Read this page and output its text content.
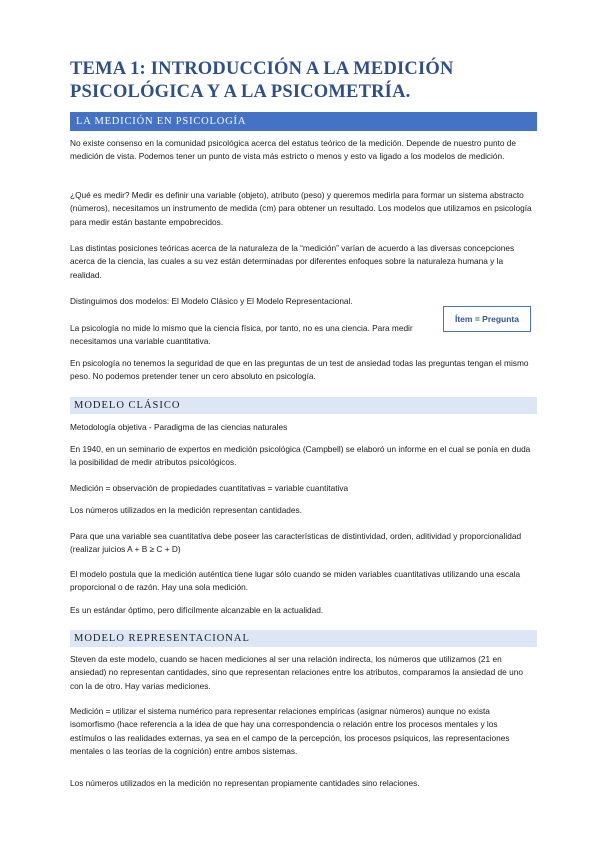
TEMA 1: INTRODUCCIÓN A LA MEDICIÓN
PSICOLÓGICA Y A LA PSICOMETRÍA.
LA MEDICIÓN EN PSICOLOGÍA
No existe consenso en la comunidad psicológica acerca del estatus teórico de la medición. Depende de nuestro punto de medición de vista. Podemos tener un punto de vista más estricto o menos y esto va ligado a los modelos de medición.
¿Qué es medir? Medir es definir una variable (objeto), atributo (peso) y queremos medirla para formar un sistema abstracto (números), necesitamos un instrumento de medida (cm) para obtener un resultado. Los modelos que utilizamos en psicología para medir están bastante empobrecidos.
Las distintas posiciones teóricas acerca de la naturaleza de la “medición” varían de acuerdo a las diversas concepciones acerca de la ciencia, las cuales a su vez están determinadas por diferentes enfoques sobre la naturaleza humana y la realidad.
Distinguimos dos modelos: El Modelo Clásico y El Modelo Representacional.
Ítem = Pregunta
La psicología no mide lo mismo que la ciencia física, por tanto, no es una ciencia. Para medir necesitamos una variable cuantitativa.
En psicología no tenemos la seguridad de que en las preguntas de un test de ansiedad todas las preguntas tengan el mismo peso. No podemos pretender tener un cero absoluto en psicología.
MODELO CLÁSICO
Metodología objetiva - Paradigma de las ciencias naturales
En 1940, en un seminario de expertos en medición psicológica (Campbell) se elaboró un informe en el cual se ponía en duda la posibilidad de medir atributos psicológicos.
Medición = observación de propiedades cuantitativas = variable cuantitativa
Los números utilizados en la medición representan cantidades.
Para que una variable sea cuantitativa debe poseer las características de distintividad, orden, aditividad y proporcionalidad (realizar juicios A + B ≥ C + D)
El modelo postula que la medición auténtica tiene lugar sólo cuando se miden variables cuantitativas utilizando una escala proporcional o de razón. Hay una sola medición.
Es un estándar óptimo, pero difícilmente alcanzable en la actualidad.
MODELO REPRESENTACIONAL
Steven da este modelo, cuando se hacen mediciones al ser una relación indirecta, los números que utilizamos (21 en ansiedad) no representan cantidades, sino que representan relaciones entre los atributos, comparamos la ansiedad de uno con la de otro. Hay varias mediciones.
Medición = utilizar el sistema numérico para representar relaciones empíricas (asignar números) aunque no exista isomorfismo (hace referencia a la idea de que hay una correspondencia o relación entre los procesos mentales y los estímulos o las realidades externas, ya sea en el campo de la percepción, los procesos psíquicos, las representaciones mentales o las teorías de la cognición) entre ambos sistemas.
Los números utilizados en la medición no representan propiamente cantidades sino relaciones.
